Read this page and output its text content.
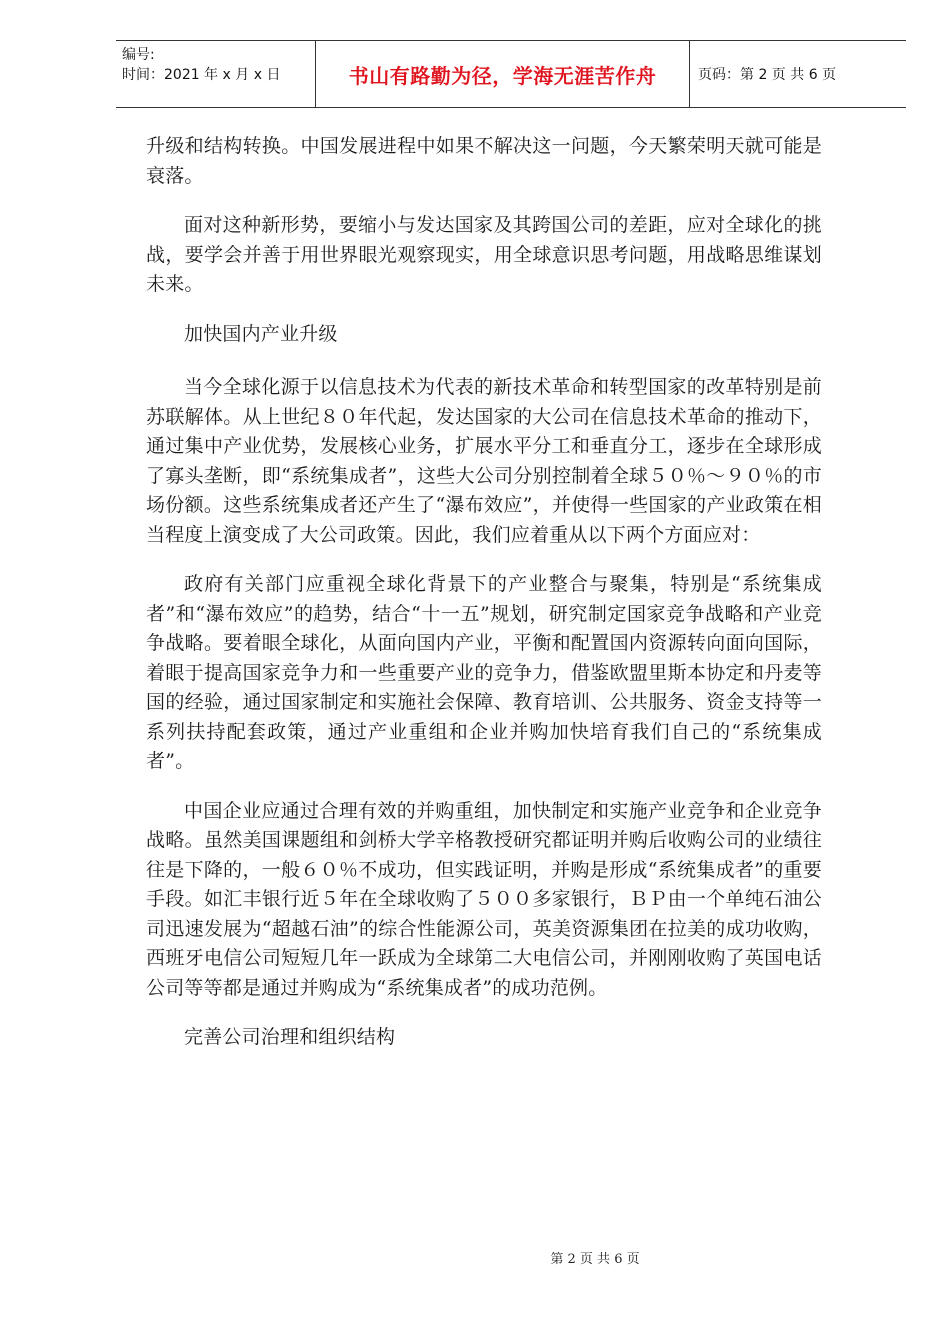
编号:
时间：2021 年 x 月 x 日	书山有路勤为径，学海无涯苦作舟	页码：第 2 页 共 6 页

升级和结构转换。中国发展进程中如果不解决这一问题，今天繁荣明天就可能是衰落。

面对这种新形势，要缩小与发达国家及其跨国公司的差距，应对全球化的挑战，要学会并善于用世界眼光观察现实，用全球意识思考问题，用战略思维谋划未来。

加快国内产业升级

当今全球化源于以信息技术为代表的新技术革命和转型国家的改革特别是前苏联解体。从上世纪８０年代起，发达国家的大公司在信息技术革命的推动下，通过集中产业优势，发展核心业务，扩展水平分工和垂直分工，逐步在全球形成了寡头垄断，即“系统集成者”，这些大公司分别控制着全球５０％～９０％的市场份额。这些系统集成者还产生了“瀑布效应”，并使得一些国家的产业政策在相当程度上演变成了大公司政策。因此，我们应着重从以下两个方面应对：

政府有关部门应重视全球化背景下的产业整合与聚集，特别是“系统集成者”和“瀑布效应”的趋势，结合“十一五”规划，研究制定国家竞争战略和产业竞争战略。要着眼全球化，从面向国内产业，平衡和配置国内资源转向面向国际，着眼于提高国家竞争力和一些重要产业的竞争力，借鉴欧盟里斯本协定和丹麦等国的经验，通过国家制定和实施社会保障、教育培训、公共服务、资金支持等一系列扶持配套政策，通过产业重组和企业并购加快培育我们自己的“系统集成者”。

中国企业应通过合理有效的并购重组，加快制定和实施产业竞争和企业竞争战略。虽然美国课题组和剑桥大学辛格教授研究都证明并购后收购公司的业绩往往是下降的，一般６０％不成功，但实践证明，并购是形成“系统集成者”的重要手段。如汇丰银行近５年在全球收购了５００多家银行，ＢＰ由一个单纯石油公司迅速发展为“超越石油”的综合性能源公司，英美资源集团在拉美的成功收购，西班牙电信公司短短几年一跃成为全球第二大电信公司，并刚刚收购了英国电话公司等等都是通过并购成为“系统集成者”的成功范例。

完善公司治理和组织结构

第 2 页 共 6 页
